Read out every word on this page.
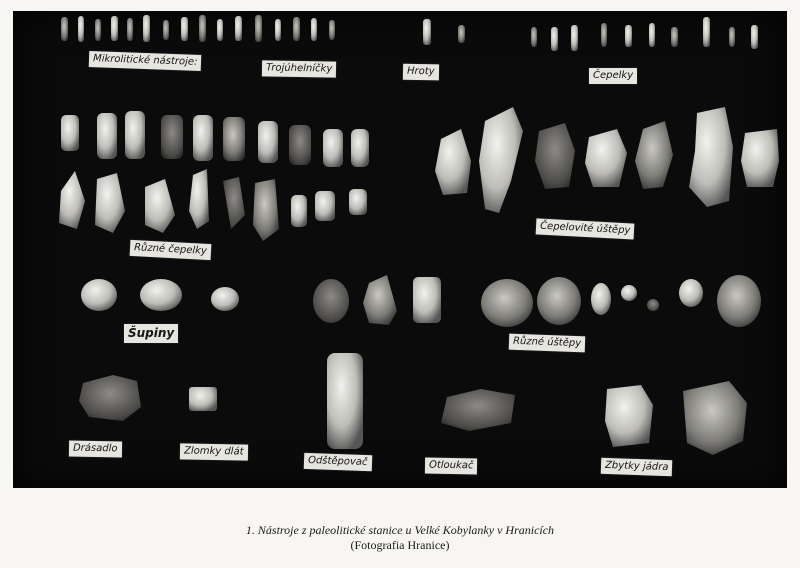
Mikrolitické nástroje:
Trojúhelníčky	Hroty	Čepelky
Různé čepelky
Čepelovité úštěpy
Šupiny
Různé úštěpy
Drásadlo	Zlomky dlát
Odštěpovač	Otloukač	Zbytky jádra
1. Nástroje z paleolitické stanice u Velké Kobylanky v Hranicích
(Fotografia Hranice)
